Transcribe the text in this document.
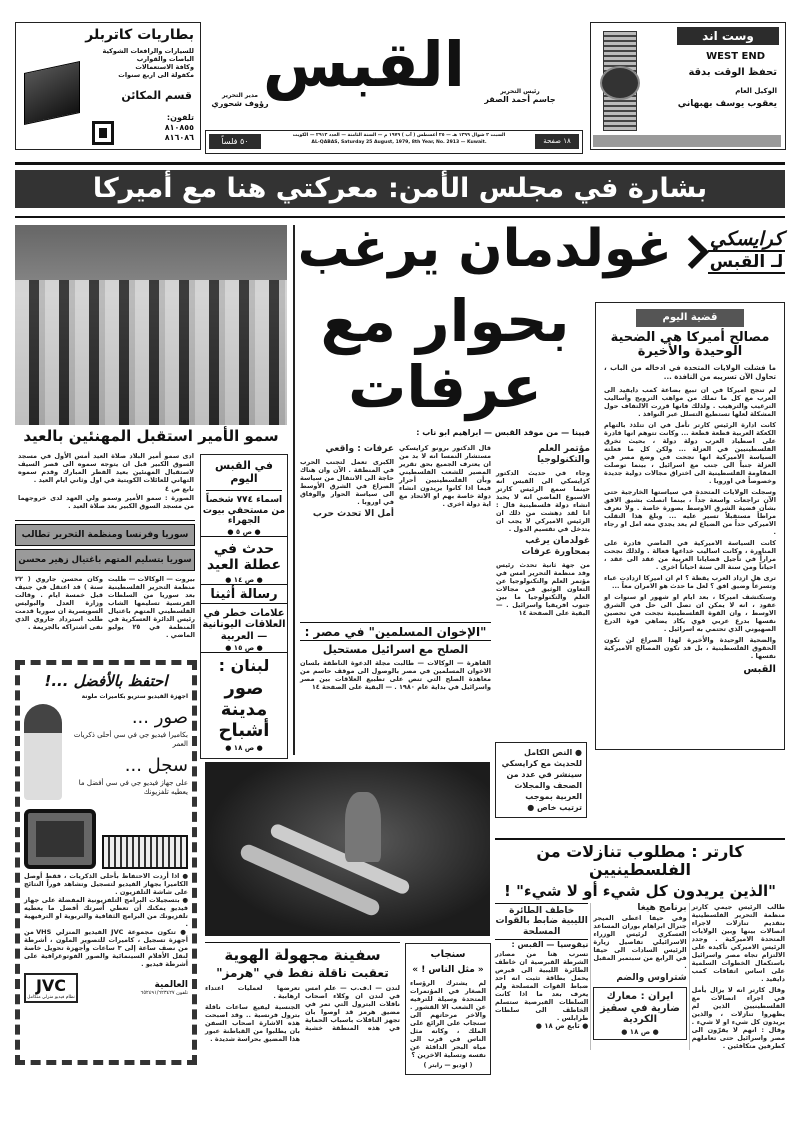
بطاريات كاتربلر
للسيارات والرافعات الشوكية
الباصات والقوارب
وكافة الاستعمالات
مكفولة الى اربع سنوات
قسم المكائن
تلفون:
٨١٠٨٥٥
٨١٦٠٨٦
مدير التحرير
رؤوف شحوري
القبس	رئيس التحرير
جاسم أحمد الصقر
٥٠ فلساً
السبت ٢ شوال ١٣٩٩ هـ — ٢٥ أغسطس ( آب ) ١٩٧٩ م — السنة الثامنة — العدد ٢٩١٣ — الكويت
AL-QABAS, Saturday 25 August, 1979, 8th Year, No. 2913 — Kuwait.	١٨ صفحة
وست اند
WEST END
تحفظ الوقت بدقة
الوكيل العام
يعقوب يوسف بهبهاني
بشارة في مجلس الأمن: معركتي هنا مع أميركا
سمو الأمير استقبل المهنئين بالعيد
ادى سمو أمير البلاد صلاة العيد أمس الأول في مسجد السوق الكبير قبل ان يتوجه سموه الى قصر السيف لاستقبال المهنئين بعيد الفطر المبارك وقدم سموه التهاني للعائلات الكويتية في اول وثاني ايام العيد .
تابع ص ٤
الصورة : سمو الأمير وسمو ولي العهد لدى خروجهما من مسجد السوق الكبير بعد صلاة العيد .
كرايسكي
لـ القبس
غولدمان يرغب
بحوار مع
عرفات
فيينا — من موفد القبس — ابراهيم ابو ناب :
عرفات : واقعي
الكبرى تعمل لتجنب الحرب في المنطقة . الآن وان هناك حاجة الى الانتقال من سياسة الصراع في الشرق الأوسط الى سياسة الحوار والوفاق في اوروبا .
أمل الا تحدث حرب
قال الدكتور برونو كرايسكي مستشار النمسا انه لا بد من ان يعترف الجميع بحق تقرير المصير للشعب الفلسطيني وبأن الفلسطينيين أحرار فيما اذا كانوا يريدون انشاء دولة خاصة بهم او الاتحاد مع اية دولة اخرى .
مؤتمر العلم والتكنولوجيا
وجاء في حديث الدكتور كرايسكي الى القبس انه حينما سمع الرئيس كارتر الاسبوع الماضي انه لا يحبذ انشاء دولة فلسطينية قال : انا لقد دهشت من ذلك ان الرئيس الاميركي لا يجب ان يتدخل في تقسيم الدول .
غولدمان يرغب بمحاورة عرفات
من جهة ثانية تحدث رئيس وفد منظمة التحرير امس في مؤتمر العلم والتكنولوجيا عن التعاون الوثيق في مجالات العلم والتكنولوجيا ما بين جنوب افريقيا واسرائيل . — البقية على الصفحة ١٤
في القبس اليوم
اسماء ٧٧٤ شخصاً من مستحقي بيوت الجهراء
● ص ٥ ●
حدث في عطلة العيد
● ص ١٤ ●
رسالة أثينا
علامات خطر في العلاقات اليونانية — العربية
● ص ١٥ ●
لبنان :
صور مدينة أشباح
● ص ١٨ ●
سوريا وفرنسا ومنظمة التحرير تطالب
سوريا بتسليم المتهم باغتيال زهير محسن
بيروت — الوكالات — طلبت منظمة التحرير الفلسطينية بعد سوريا من السلطات الفرنسية تسليمها الشاب الفلسطيني المتهم باغتيال رئيس الدائرة العسكرية في المنظمة في ٢٥ يوليو الماضي .
وكان محسن جاروي ( ٢٢ سنة ) قد اعتقل في جنيف قبل خمسة ايام . وقالت وزارة العدل والبوليس السويسرية ان سوريا قدمت طلب استرداد جاروي الذي نفى اشتراكه بالجريمة .	"الإخوان المسلمين" في مصر :
الصلح مع اسرائيل مستحيل
القاهرة — الوكالات — طالبت مجلة الدعوة الناطقة بلسان الاخوان المسلمين في مصر بالوصول الى موقف حاسم من معاهدة الصلح التي تنص على تطبيع العلاقات بين مصر واسرائيل في بداية عام ١٩٨٠ . — البقية على الصفحة ١٤
قضية اليوم
مصالح أميركا هي الضحية الوحيدة والأخيرة
ما فشلت الولايات المتحدة في ادخاله من الباب ، تحاول الآن تسريبه من النافذة ...

لم تنجح اميركا في ان تبيع بضاعة كمب دايفيد الى العرب مع كل ما تملك من مواهب الترويج وأساليب الترغيب والترهيب . ولذلك فانها قررت الالتفاف حول المشكلة لعلها تستطيع التسلل عبر النوافذ .

كانت ادارة الرئيس كارتر تأمل في ان تتلذذ بالتهام الكعكة العربية قطعة قطعة ... وكانت تتوهم انها قادرة على اصطياد العرب دولة دولة ، بحيث تخرق الفلسطينيين في العزلة ... ولكن كل ما فعلته السياسة الاميركية انها نجحت في وضع مصر في العزلة جنباً الى جنب مع اسرائيل ، بينما توصلت المقاومة الفلسطينية الى اختراق مجالات دولية جديدة وخصوصاً في اوروبا .

وسجلت الولايات المتحدة في سياستها الخارجية حتى الآن تراجعات واسعة جداً ، بينما اتصلت بشيق الافق بشأن قضية الشرق الاوسط بصورة خاصة . ولا نعرف مراطاً مستقبلاً تسير عليه ... وبلغ هذا التقلب الاميركي حداً من الضياع لم يعد يجدي معه امل او رجاء .

كانت السياسة الاميركية في الماضي قادرة على المناورة ، وكانت اساليب خداعها فعالة . ولذلك نجحت مراراً في تأجيل قضايانا العربية من عقد الى عقد ، احياناً ومن سنة الى سنة احياناً اخرى .

ترى هل ازداد العرب يقظة ؟ ام ان اميركا ازدادت غباء وتسرعاً وضيق افق ؟ لعل ما حدث هو الامران معاً ...

وستكتشف اميركا ، بعد ايام او شهور او سنوات او عقود ، انه لا يمكن ان تصل الى حل في الشرق الاوسط ، وان القوة الفلسطينية نجحت في تحصين نفسها بدرع عربي قوي يكاد يضاهي قوة الدرع الصهيوني الذي تحتمي به اسرائيل .

والضحية الوحيدة والأخيرة لهذا الصراع لن تكون الحقوق الفلسطينية ، بل قد تكون المصالح الاميركية نفسها .

القبس
● النص الكامل للحديث مع كرايسكي سينشر في عدد من الصحف والمجلات العربية بموجب ترتيب خاص ●
كارتر : مطلوب تنازلات من الفلسطينيين
"الذين يريدون كل شيء أو لا شيء" !

طالب الرئيس جيمي كارتر منظمة التحرير الفلسطينية بتقديم تنازلات لاجراء اتصالات بينها وبين الولايات المتحدة الاميركية . وجدد الرئيس الاميركي تأكيده على الالتزام تجاه مصر واسرائيل باستكمال الخطوات السلمية على اساس اتفاقات كمب دايفيد .

وقال كارتر انه لا يزال يأمل في اجراء اتصالات مع الفلسطينيين الذين لم يظهروا تنازلات ، والذين يريدون كل شيء او لا شيء . وقال : انهم لا يقرّون الى مصر واسرائيل حتى تعاملهم كطرفين متكافئين .

برنامج هيغا

وفي حيفا اعطى الميجر جنرال ابراهام بوران المساعد العسكري لرئيس الوزراء الاسرائيلي تفاصيل زيارة الرئيس السادات الى حيفا في الرابع من سبتمبر المقبل .

شتراوس والضم
ايران : معارك ضارية في سقيز الكردية
● ص ١٨ ●
خاطف الطائرة الليبية ضابط بالقوات المسلحة
نيقوسيا — القبس :
تسرب هنا من مصادر الشرطة القبرصية ان خاطف الطائرة الليبية الى قبرص يحمل بطاقة تثبت انه احد ضباط القوات المسلحة ولم يعرف بعد ما اذا كانت السلطات القبرصية ستسلم الخاطف الى سلطات طرابلس .
● تابع ص ١٨ ●
سفينة مجهولة الهوية
تعقبت ناقلة نفط في "هرمز"

لندن — ا.ف.ب — علم امس في لندن ان وكلاء اصحاب ناقلات البترول التي تمر في مضيق هرمز قد اوصوا بان تجهز الناقلات باسباب الحماية في هذه المنطقة خشية تعرضها لعمليات اعتداء ارهابية .

الجنسية ليفيع ساعات ناقلة بترول فرنسية .. وقد اصبحت هذه الاشارة اصحاب السفن بان يطلبوا من القباطنة عبور هذا المضيق بحراسة شديدة .

سنجاب
« مثل الناس ! »
لم يشترك الرؤساء الصغار في المؤتمرات المتحدة وسيلة للترفيه عن الشعب الا القشور . والاخر مرحاتهم الى سنجاب على الرائع على الملك ، وكانه مثل الناس في قرب الى مياه البحر الدافئة عن نفسه وتسلية الاخرين ؟
( اوديو — رابتر )
احتفظ بالأفضل ...!
اجهزة الفيديو ستريو بكاميرات ملونة
صور ...
بكاميرا فيديو جي في سي أحلى ذكريات العمر
سجل ...
على جهاز فيديو جي في سي أفضل ما يعطيه تلفزيونك

● اذا أردت الاحتفاظ بأحلى الذكريات ، فقط أوصل الكاميرا بجهاز الفيديو لتسجيل وتشاهد فوراً النتائج على شاشة التلفزيون .

● بتسجيلات البرامج التلفزيونية المفضلة على جهاز فيديو يمكنك أن تعطي أسرتك أفضل ما يعطيه تلفزيونك من البرامج الثقافية والتربوية او الترفيهية .

● تتكون مجموعة JVC الفيديو المنزلي VHS من أجهزة تسجيل ، كاميرات للتصوير الملون ، أشرطة من نصف ساعة إلى ٣ ساعات وأجهزة تحويل خاصة لنقل الأفلام السينمائية والصور الفوتوغرافية على أشرطة فيديو .

JVC
نظام فيديو منزلي متكامل
العالمية
تلفون ٦٥٢٤٩١/٦٢٣٤٢٧
